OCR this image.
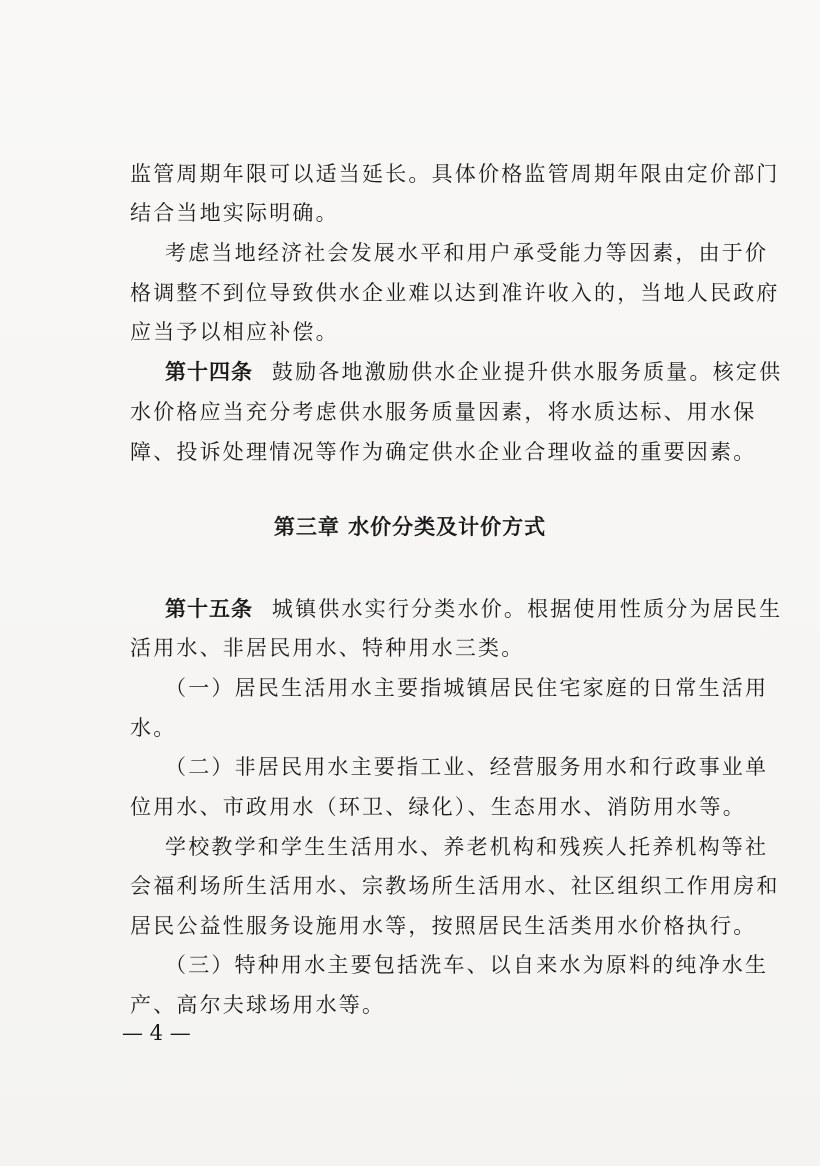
监管周期年限可以适当延长。具体价格监管周期年限由定价部门
结合当地实际明确。
考虑当地经济社会发展水平和用户承受能力等因素，由于价
格调整不到位导致供水企业难以达到准许收入的，当地人民政府
应当予以相应补偿。
第十四条 鼓励各地激励供水企业提升供水服务质量。核定供
水价格应当充分考虑供水服务质量因素，将水质达标、用水保
障、投诉处理情况等作为确定供水企业合理收益的重要因素。
第三章 水价分类及计价方式
第十五条 城镇供水实行分类水价。根据使用性质分为居民生
活用水、非居民用水、特种用水三类。
（一）居民生活用水主要指城镇居民住宅家庭的日常生活用
水。
（二）非居民用水主要指工业、经营服务用水和行政事业单
位用水、市政用水（环卫、绿化）、生态用水、消防用水等。
学校教学和学生生活用水、养老机构和残疾人托养机构等社
会福利场所生活用水、宗教场所生活用水、社区组织工作用房和
居民公益性服务设施用水等，按照居民生活类用水价格执行。
（三）特种用水主要包括洗车、以自来水为原料的纯净水生
产、高尔夫球场用水等。
— 4 —
